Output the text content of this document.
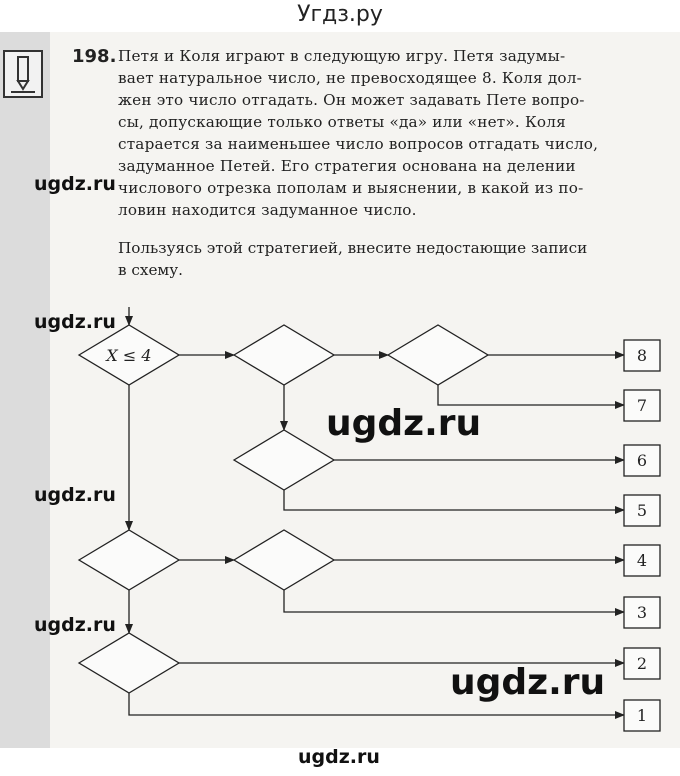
Угдз.ру
198. Петя и Коля играют в следующую игру. Петя задумы-
вает натуральное число, не превосходящее 8. Коля дол-
жен это число отгадать. Он может задавать Пете вопро-
сы, допускающие только ответы «да» или «нет». Коля
старается за наименьшее число вопросов отгадать число,
задуманное Петей. Его стратегия основана на делении
числового отрезка пополам и выяснении, в какой из по-
ловин находится задуманное число.
Пользуясь этой стратегией, внесите недостающие записи
в схему.
X ≤ 4	8
7
6
5
4
3
2
1
ugdz.ru
ugdz.ru
ugdz.ru
ugdz.ru
ugdz.ru
ugdz.ru
ugdz.ru
